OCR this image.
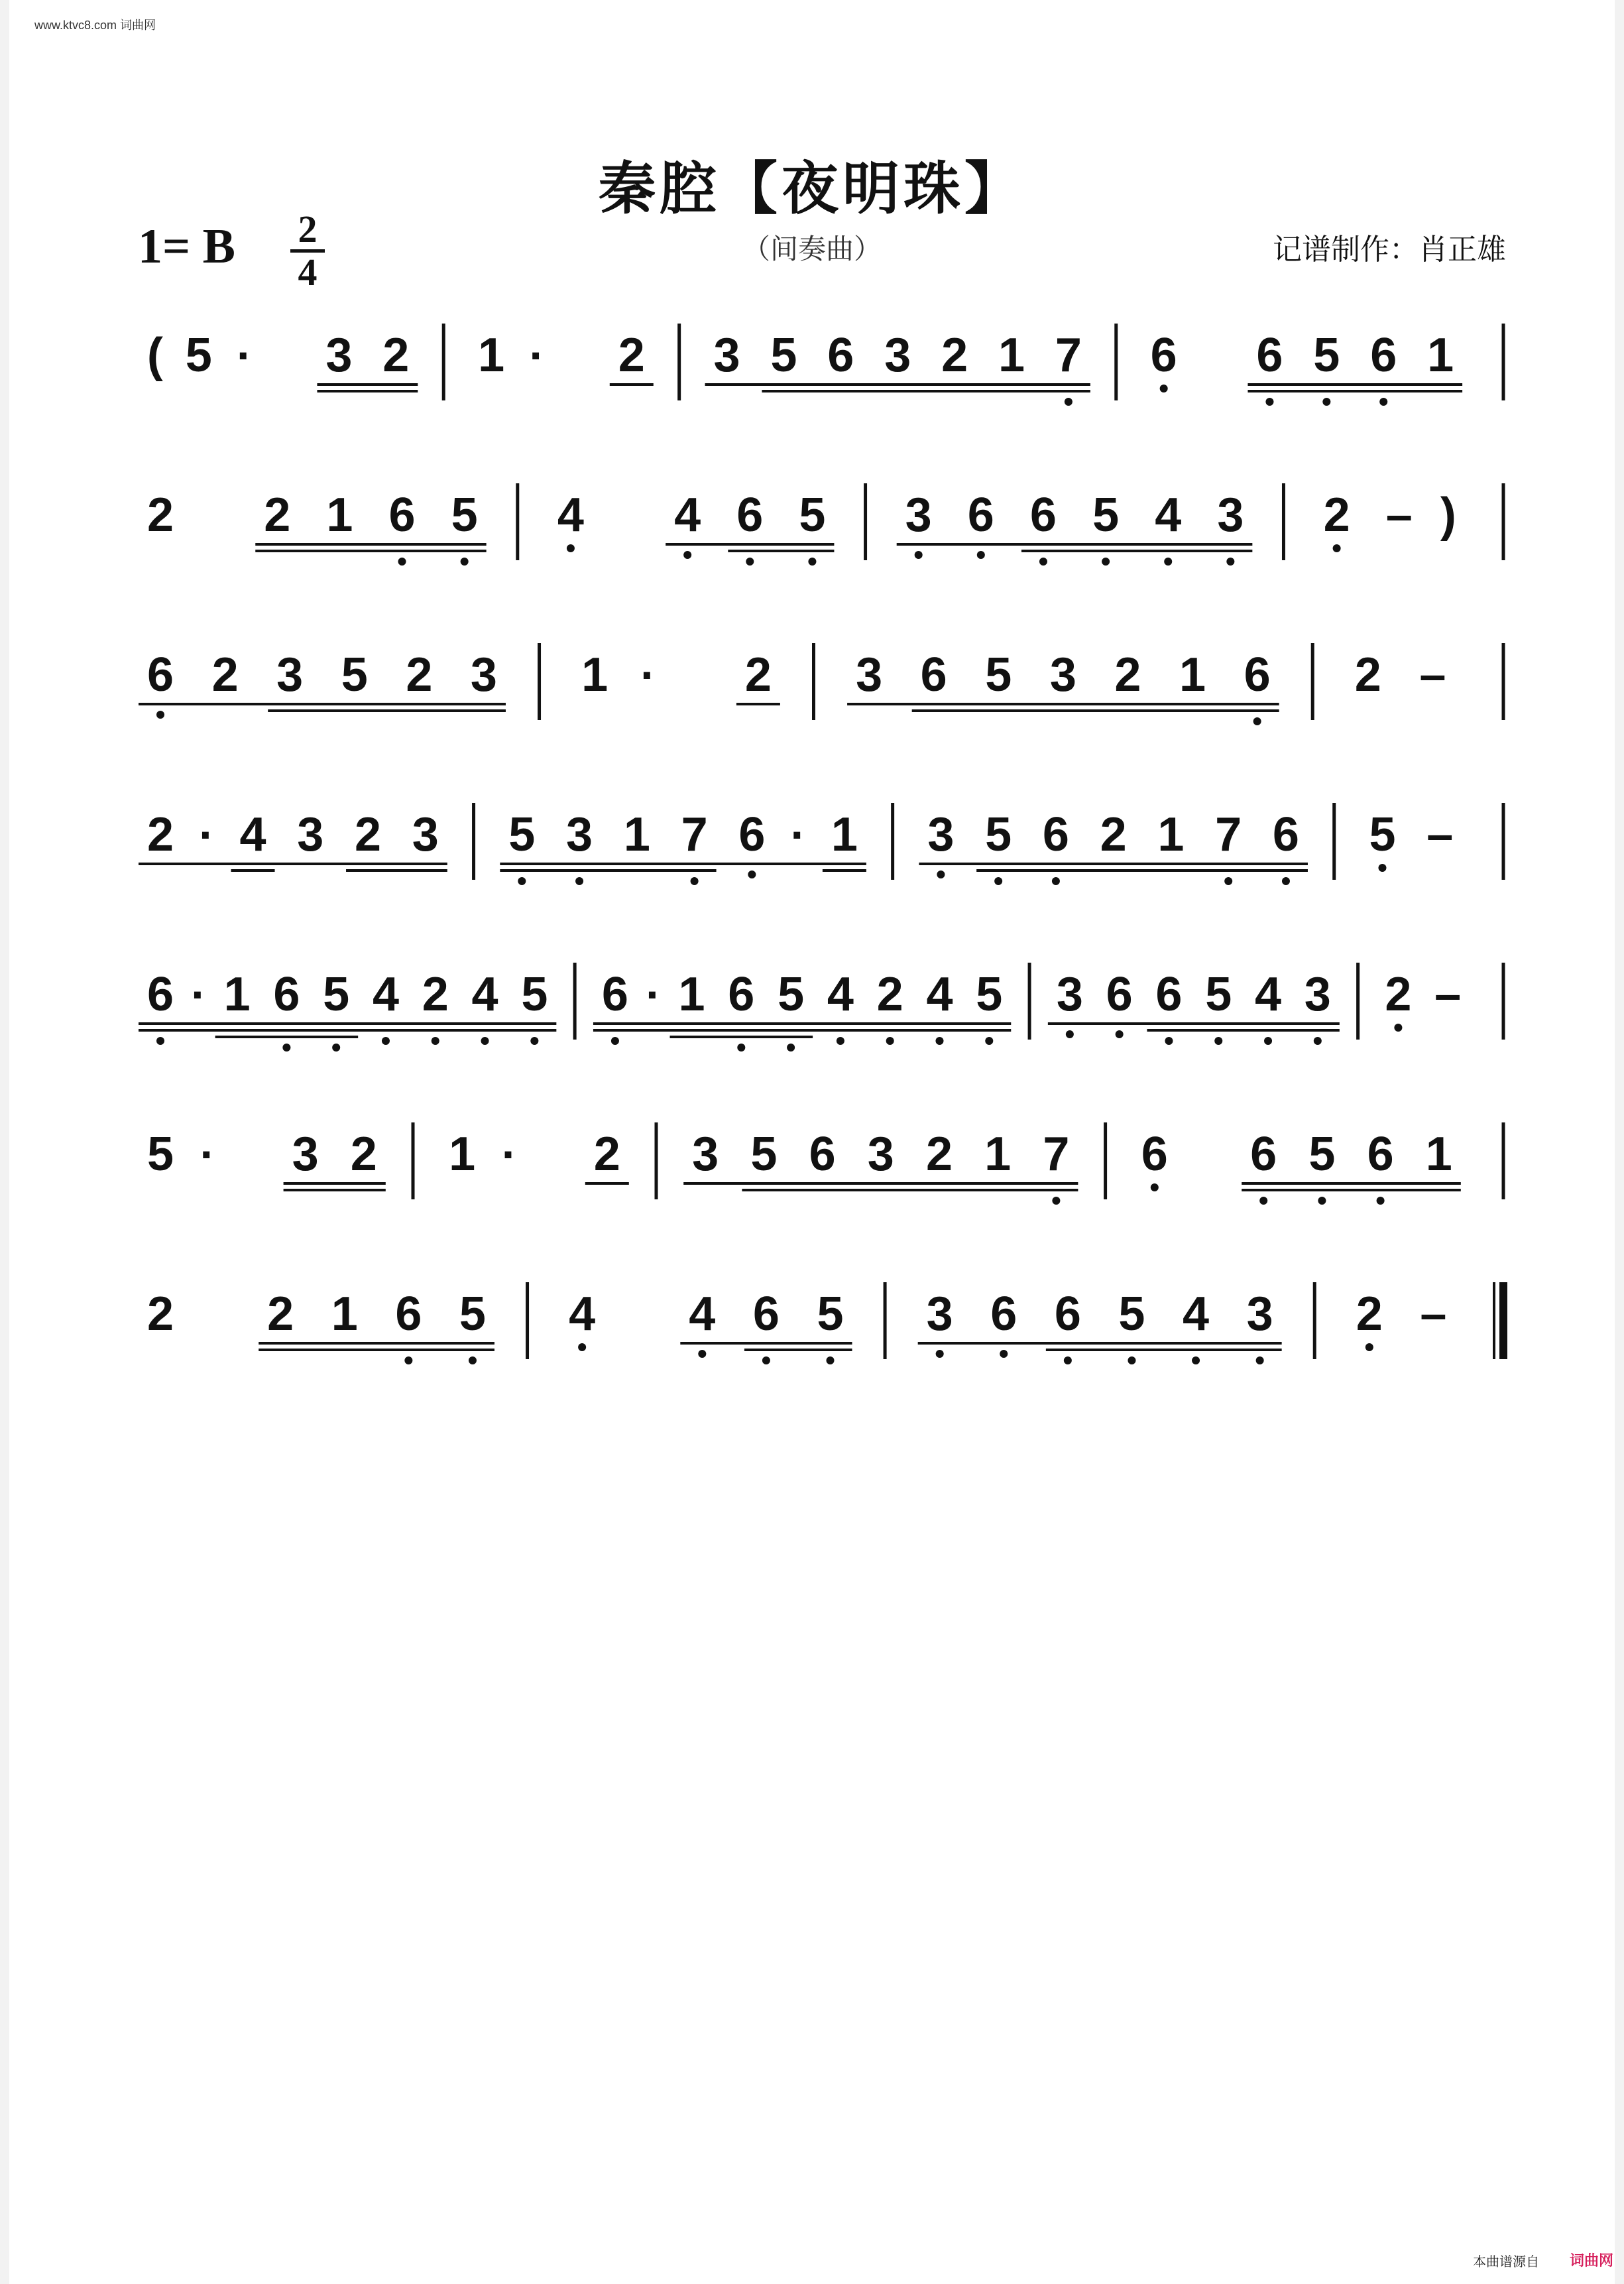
www.ktvc8.com 词曲网
秦腔【夜明珠】
（间奏曲）	记谱制作：肖正雄
1= B 2
4
( 5 · 3 2 1 · 2 3 5 6 3 2 1 7 6 6 5 6 1
2 2 1 6 5 4 4 6 5 3 6 6 5 4 3 2 – )
6 2 3 5 2 3 1 · 2 3 6 5 3 2 1 6 2 –
2 · 4 3 2 3 5 3 1 7 6 · 1 3 5 6 2 1 7 6 5 –
6 · 1 6 5 4 2 4 5 6 · 1 6 5 4 2 4 5 3 6 6 5 4 3 2 –
5 · 3 2 1 · 2 3 5 6 3 2 1 7 6 6 5 6 1
2 2 1 6 5 4 4 6 5 3 6 6 5 4 3 2 –
本曲谱源自 词曲网
